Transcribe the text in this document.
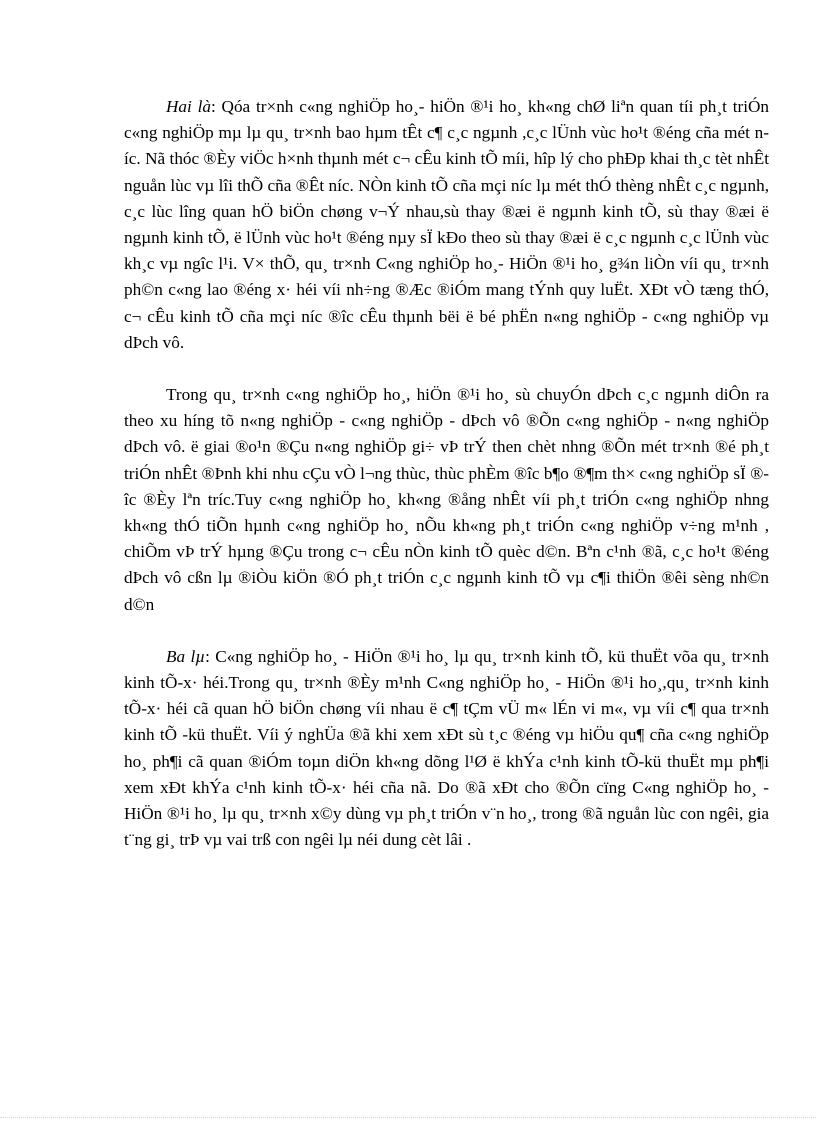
Hai là: Qóa tr×nh c«ng nghiÖp ho¸- hiÖn ®¹i ho¸ kh«ng chØ liªn quan tíi ph¸t triÓn c«ng nghiÖp mµ lµ qu¸ tr×nh bao hµm tÊt c¶ c¸c ngµnh ,c¸c lÜnh vùc ho¹t ®éng cña mét níc. Nã thóc ®Èy viÖc h×nh thµnh mét c¬ cÊu kinh tÕ míi, hîp lý cho phÐp khai th¸c tèt nhÊt nguån lùc vµ lîi thÕ cña ®Êt níc. NÒn kinh tÕ cña mçi níc lµ mét thÓ thèng nhÊt c¸c ngµnh, c¸c lùc lîng quan hÖ biÖn chøng v¬Ý nhau,sù thay ®æi ë ngµnh kinh tÕ, sù thay ®æi ë ngµnh kinh tÕ, ë lÜnh vùc ho¹t ®éng nµy sÏ kÐo theo sù thay ®æi ë c¸c ngµnh c¸c lÜnh vùc kh¸c vµ ngîc l¹i. V× thÕ, qu¸ tr×nh C«ng nghiÖp ho¸- HiÖn ®¹i ho¸ g¾n liÒn víi qu¸ tr×nh ph©n c«ng lao ®éng x· héi víi nh÷ng ®Æc ®iÓm mang tÝnh quy luËt. XÐt vÒ tæng thÓ, c¬ cÊu kinh tÕ cña mçi níc ®îc cÊu thµnh bëi ë bé phËn n«ng nghiÖp - c«ng nghiÖp vµ dÞch vô.

Trong qu¸ tr×nh c«ng nghiÖp ho¸, hiÖn ®¹i ho¸ sù chuyÓn dÞch c¸c ngµnh diÔn ra theo xu híng tõ n«ng nghiÖp - c«ng nghiÖp - dÞch vô ®Õn c«ng nghiÖp - n«ng nghiÖp dÞch vô. ë giai ®o¹n ®Çu n«ng nghiÖp gi÷ vÞ trÝ then chèt nhng ®Õn mét tr×nh ®é ph¸t triÓn nhÊt ®Þnh khi nhu cÇu vÒ l¬ng thùc, thùc phÈm ®îc b¶o ®¶m th× c«ng nghiÖp sÏ ®îc ®Èy lªn tríc.Tuy c«ng nghiÖp ho¸ kh«ng ®ång nhÊt víi ph¸t triÓn c«ng nghiÖp nhng kh«ng thÓ tiÕn hµnh c«ng nghiÖp ho¸ nÕu kh«ng ph¸t triÓn c«ng nghiÖp v÷ng m¹nh , chiÕm vÞ trÝ hµng ®Çu trong c¬ cÊu nÒn kinh tÕ quèc d©n. Bªn c¹nh ®ã, c¸c ho¹t ®éng dÞch vô cßn lµ ®iÒu kiÖn ®Ó ph¸t triÓn c¸c ngµnh kinh tÕ vµ c¶i thiÖn ®êi sèng nh©n d©n

Ba lµ: C«ng nghiÖp ho¸ - HiÖn ®¹i ho¸ lµ qu¸ tr×nh kinh tÕ, kü thuËt võa qu¸ tr×nh kinh tÕ-x· héi.Trong qu¸ tr×nh ®Èy m¹nh C«ng nghiÖp ho¸ - HiÖn ®¹i ho¸,qu¸ tr×nh kinh tÕ-x· héi cã quan hÖ biÖn chøng víi nhau ë c¶ tÇm vÜ m« lÉn vi m«, vµ víi c¶ qua tr×nh kinh tÕ -kü thuËt. Víi ý nghÜa ®ã khi xem xÐt sù t¸c ®éng vµ hiÖu qu¶ cña c«ng nghiÖp ho¸ ph¶i cã quan ®iÓm toµn diÖn kh«ng dõng l¹Ø ë khÝa c¹nh kinh tÕ-kü thuËt mµ ph¶i xem xÐt khÝa c¹nh kinh tÕ-x· héi cña nã. Do ®ã xÐt cho ®Õn cïng C«ng nghiÖp ho¸ - HiÖn ®¹i ho¸ lµ qu¸ tr×nh x©y dùng vµ ph¸t triÓn v¨n ho¸, trong ®ã nguån lùc con ngêi, gia t¨ng gi¸ trÞ vµ vai trß con ngêi lµ néi dung cèt lâi .
